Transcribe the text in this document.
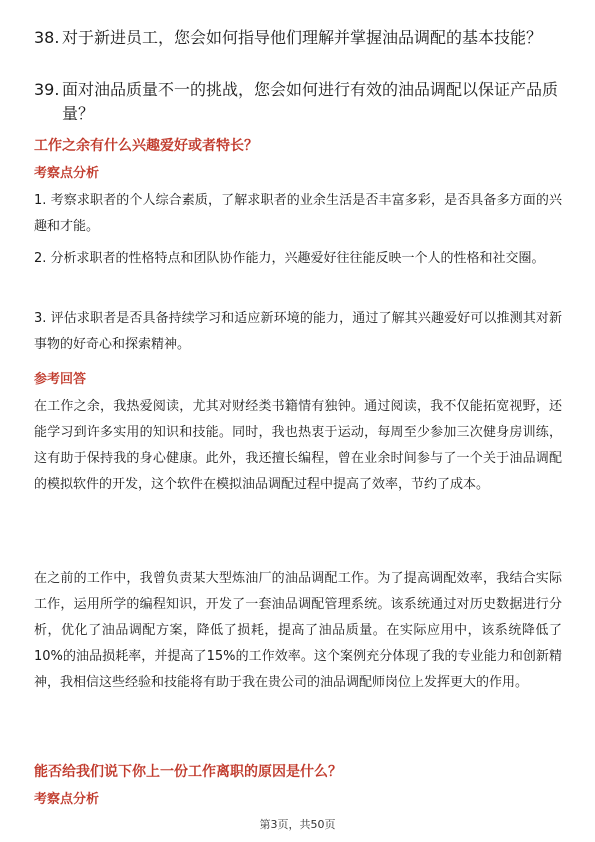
38. 对于新进员工，您会如何指导他们理解并掌握油品调配的基本技能？
39. 面对油品质量不一的挑战，您会如何进行有效的油品调配以保证产品质量？
工作之余有什么兴趣爱好或者特长？
考察点分析
1. 考察求职者的个人综合素质，了解求职者的业余生活是否丰富多彩，是否具备多方面的兴趣和才能。
2. 分析求职者的性格特点和团队协作能力，兴趣爱好往往能反映一个人的性格和社交圈。
3. 评估求职者是否具备持续学习和适应新环境的能力，通过了解其兴趣爱好可以推测其对新事物的好奇心和探索精神。
参考回答
在工作之余，我热爱阅读，尤其对财经类书籍情有独钟。通过阅读，我不仅能拓宽视野，还能学习到许多实用的知识和技能。同时，我也热衷于运动，每周至少参加三次健身房训练，这有助于保持我的身心健康。此外，我还擅长编程，曾在业余时间参与了一个关于油品调配的模拟软件的开发，这个软件在模拟油品调配过程中提高了效率，节约了成本。
在之前的工作中，我曾负责某大型炼油厂的油品调配工作。为了提高调配效率，我结合实际工作，运用所学的编程知识，开发了一套油品调配管理系统。该系统通过对历史数据进行分析，优化了油品调配方案，降低了损耗，提高了油品质量。在实际应用中，该系统降低了10%的油品损耗率，并提高了15%的工作效率。这个案例充分体现了我的专业能力和创新精神，我相信这些经验和技能将有助于我在贵公司的油品调配师岗位上发挥更大的作用。
能否给我们说下你上一份工作离职的原因是什么？
考察点分析
第3页，共50页
